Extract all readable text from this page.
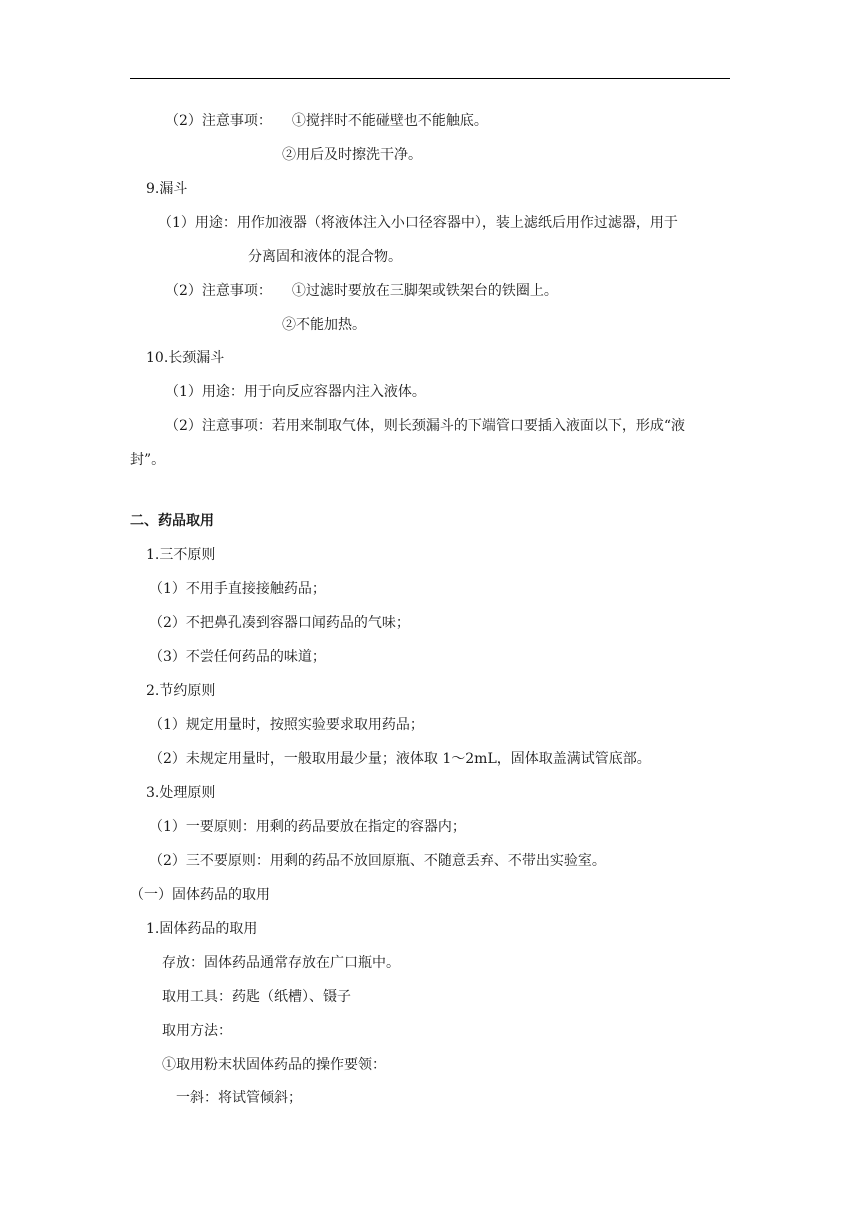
（2）注意事项： ①搅拌时不能碰壁也不能触底。
②用后及时擦洗干净。
9.漏斗
（1）用途：用作加液器（将液体注入小口径容器中），装上滤纸后用作过滤器，用于
分离固和液体的混合物。
（2）注意事项： ①过滤时要放在三脚架或铁架台的铁圈上。
②不能加热。
10.长颈漏斗
（1）用途：用于向反应容器内注入液体。
（2）注意事项：若用来制取气体，则长颈漏斗的下端管口要插入液面以下，形成“液
封”。
二、药品取用
1.三不原则
（1）不用手直接接触药品；
（2）不把鼻孔凑到容器口闻药品的气味；
（3）不尝任何药品的味道；
2.节约原则
（1）规定用量时，按照实验要求取用药品；
（2）未规定用量时，一般取用最少量；液体取 1～2mL，固体取盖满试管底部。
3.处理原则
（1）一要原则：用剩的药品要放在指定的容器内；
（2）三不要原则：用剩的药品不放回原瓶、不随意丢弃、不带出实验室。
（一）固体药品的取用
1.固体药品的取用
存放：固体药品通常存放在广口瓶中。
取用工具：药匙（纸槽）、镊子
取用方法：
①取用粉末状固体药品的操作要领：
一斜：将试管倾斜；
